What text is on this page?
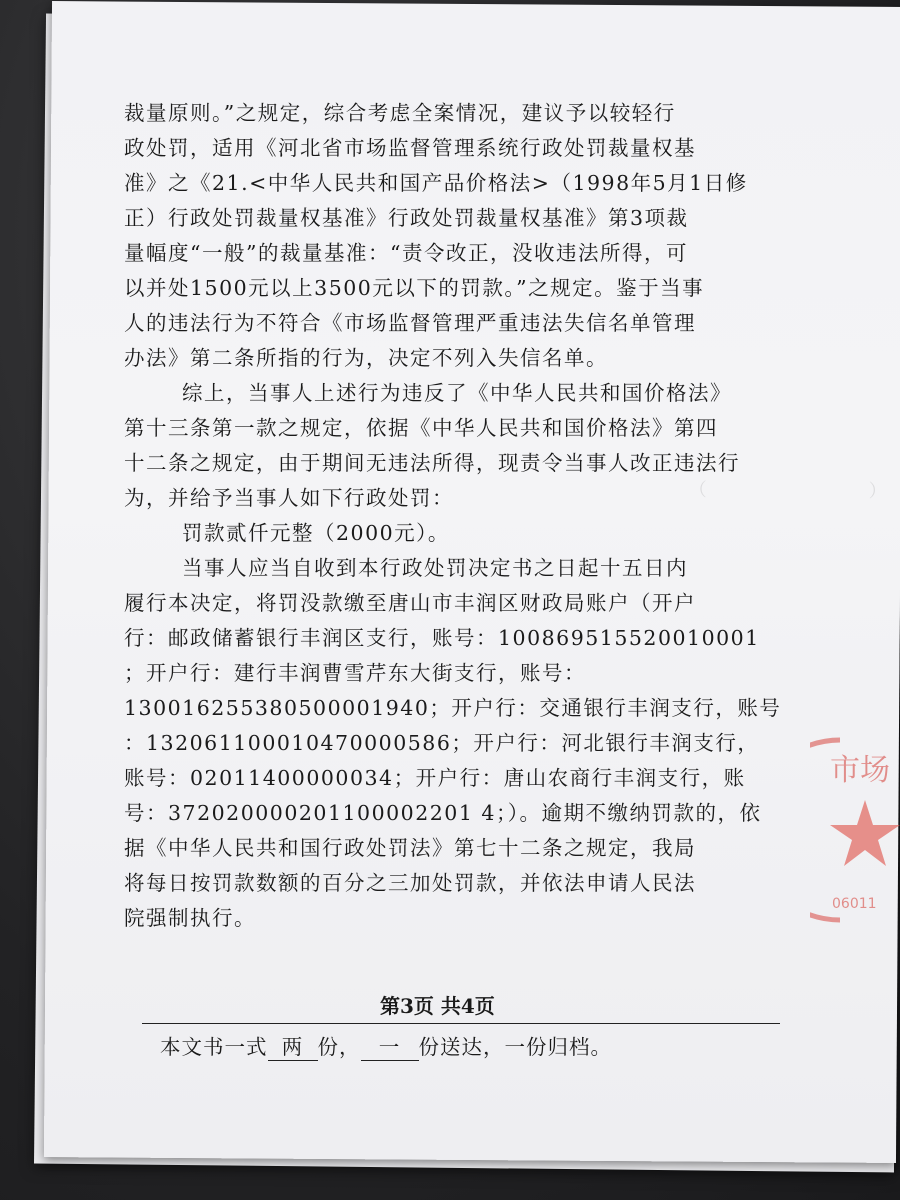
（　　　　　　　　　）
裁量原则。”之规定，综合考虑全案情况，建议予以较轻行
政处罚，适用《河北省市场监督管理系统行政处罚裁量权基
准》之《21.<中华人民共和国产品价格法>（1998年5月1日修
正）行政处罚裁量权基准》行政处罚裁量权基准》第3项裁
量幅度“一般”的裁量基准：“责令改正，没收违法所得，可
以并处1500元以上3500元以下的罚款。”之规定。鉴于当事
人的违法行为不符合《市场监督管理严重违法失信名单管理
办法》第二条所指的行为，决定不列入失信名单。
综上，当事人上述行为违反了《中华人民共和国价格法》
第十三条第一款之规定，依据《中华人民共和国价格法》第四
十二条之规定，由于期间无违法所得，现责令当事人改正违法行
为，并给予当事人如下行政处罚：
罚款贰仟元整（2000元）。
当事人应当自收到本行政处罚决定书之日起十五日内
履行本决定，将罚没款缴至唐山市丰润区财政局账户（开户
行：邮政储蓄银行丰润区支行，账号：100869515520010001
；开户行：建行丰润曹雪芹东大街支行，账号：
130016255380500001940；开户行：交通银行丰润支行，账号
：132061100010470000586；开户行：河北银行丰润支行，
账号：02011400000034；开户行：唐山农商行丰润支行，账
号：372020000201100002201 4；）。逾期不缴纳罚款的，依
据《中华人民共和国行政处罚法》第七十二条之规定，我局
将每日按罚款数额的百分之三加处罚款，并依法申请人民法
院强制执行。
第3页 共4页
本文书一式 两 份， 一 份送达，一份归档。
市场
06011
